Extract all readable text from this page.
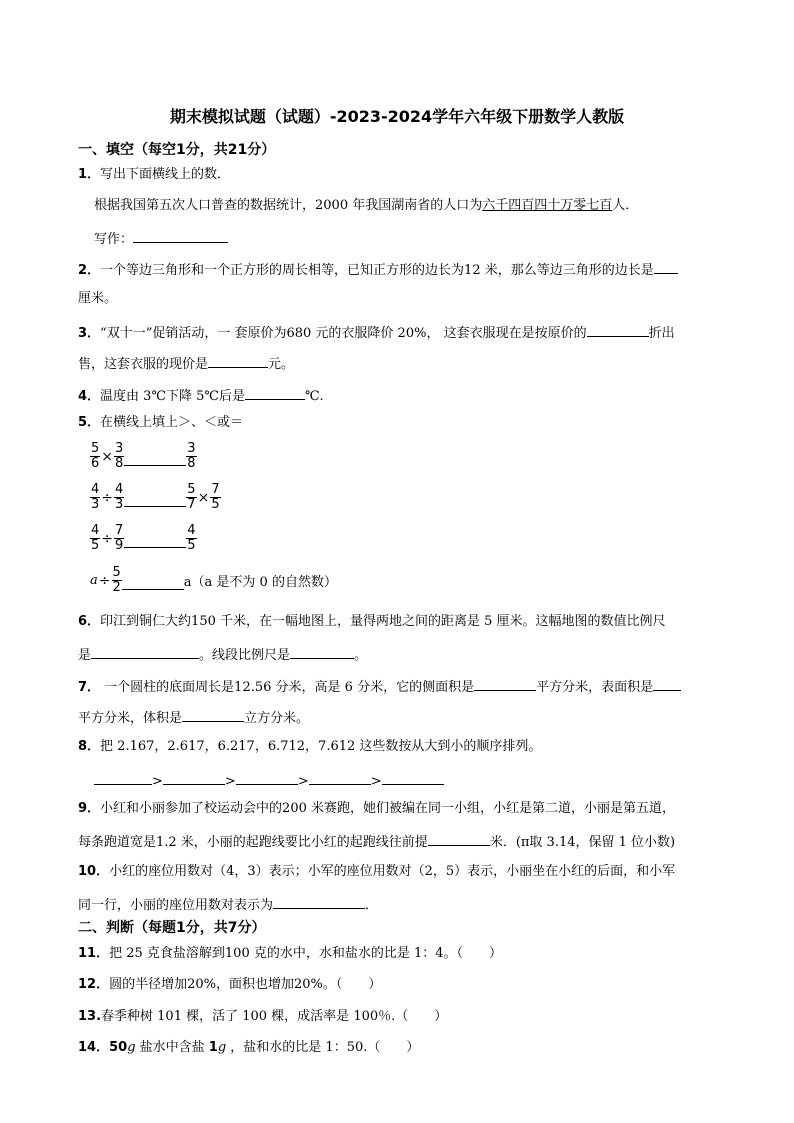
期末模拟试题（试题）-2023-2024学年六年级下册数学人教版
一、填空（每空1分，共21分）
1．写出下面横线上的数．
根据我国第五次人口普查的数据统计，2000 年我国湖南省的人口为六千四百四十万零七百人．
写作：
2．一个等边三角形和一个正方形的周长相等，已知正方形的边长为12 米，那么等边三角形的边长是
厘米。
3．“双十一”促销活动，一 套原价为680 元的衣服降价 20%， 这套衣服现在是按原价的	折出
售，这套衣服的现价是	元。
4．温度由 3℃下降 5℃后是	℃.
5．在横线上填上＞、＜或＝
$\frac{5}{6} \times \frac{3}{8}$	$\frac{3}{8}$
$\frac{4}{3} \div \frac{4}{3}$	$\frac{5}{7} \times \frac{7}{5}$
$\frac{4}{5} \div \frac{7}{9}$	$\frac{4}{5}$
$a\div \frac{5}{2}$	a（a 是不为 0 的自然数）
6．印江到铜仁大约150 千米，在一幅地图上，量得两地之间的距离是 5 厘米。这幅地图的数值比例尺
是	。线段比例尺是	。
7． 一个圆柱的底面周长是12.56 分米，高是 6 分米，它的侧面积是	平方分米，表面积是
平方分米，体积是	立方分米。
8．把 2.167，2.617，6.217，6.712，7.612 这些数按从大到小的顺序排列。
>	>	>	>
9．小红和小丽参加了校运动会中的200 米赛跑，她们被编在同一小组，小红是第二道，小丽是第五道，
每条跑道宽是1.2 米，小丽的起跑线要比小红的起跑线往前提	米．(π取 3.14，保留 1 位小数)
10．小红的座位用数对（4，3）表示；小军的座位用数对（2，5）表示，小丽坐在小红的后面，和小军
同一行，小丽的座位用数对表示为	．
二、判断（每题1分，共7分）
11．把 25 克食盐溶解到100 克的水中，水和盐水的比是 1：4。（　　）
12．圆的半径增加20%，面积也增加20%。（　　）
13.春季种树 101 棵，活了 100 棵，成活率是 100％.（　　）
14．50g 盐水中含盐 1g ，盐和水的比是 1：50.（　　）
